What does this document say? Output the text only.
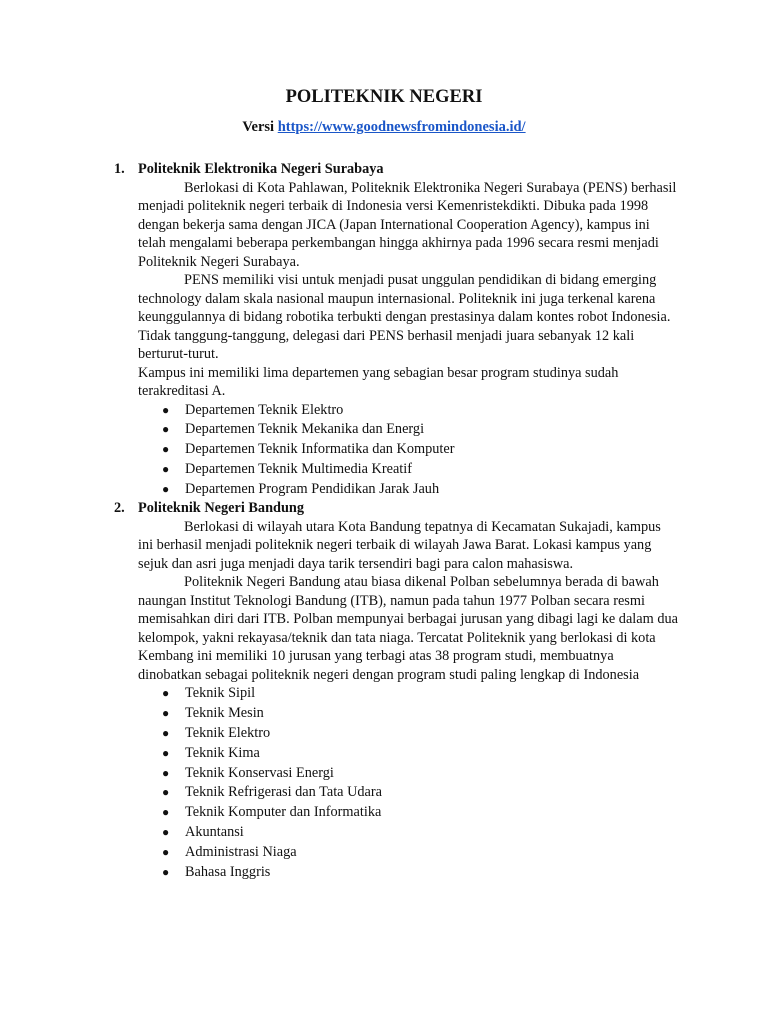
POLITEKNIK NEGERI
Versi https://www.goodnewsfromindonesia.id/
1. Politeknik Elektronika Negeri Surabaya

Berlokasi di Kota Pahlawan, Politeknik Elektronika Negeri Surabaya (PENS) berhasil menjadi politeknik negeri terbaik di Indonesia versi Kemenristekdikti. Dibuka pada 1998 dengan bekerja sama dengan JICA (Japan International Cooperation Agency), kampus ini telah mengalami beberapa perkembangan hingga akhirnya pada 1996 secara resmi menjadi Politeknik Negeri Surabaya.

PENS memiliki visi untuk menjadi pusat unggulan pendidikan di bidang emerging technology dalam skala nasional maupun internasional. Politeknik ini juga terkenal karena keunggulannya di bidang robotika terbukti dengan prestasinya dalam kontes robot Indonesia. Tidak tanggung-tanggung, delegasi dari PENS berhasil menjadi juara sebanyak 12 kali berturut-turut.

Kampus ini memiliki lima departemen yang sebagian besar program studinya sudah terakreditasi A.

● Departemen Teknik Elektro
● Departemen Teknik Mekanika dan Energi
● Departemen Teknik Informatika dan Komputer
● Departemen Teknik Multimedia Kreatif
● Departemen Program Pendidikan Jarak Jauh
2. Politeknik Negeri Bandung

Berlokasi di wilayah utara Kota Bandung tepatnya di Kecamatan Sukajadi, kampus ini berhasil menjadi politeknik negeri terbaik di wilayah Jawa Barat. Lokasi kampus yang sejuk dan asri juga menjadi daya tarik tersendiri bagi para calon mahasiswa.

Politeknik Negeri Bandung atau biasa dikenal Polban sebelumnya berada di bawah naungan Institut Teknologi Bandung (ITB), namun pada tahun 1977 Polban secara resmi memisahkan diri dari ITB. Polban mempunyai berbagai jurusan yang dibagi lagi ke dalam dua kelompok, yakni rekayasa/teknik dan tata niaga. Tercatat Politeknik yang berlokasi di kota Kembang ini memiliki 10 jurusan yang terbagi atas 38 program studi, membuatnya dinobatkan sebagai politeknik negeri dengan program studi paling lengkap di Indonesia

● Teknik Sipil
● Teknik Mesin
● Teknik Elektro
● Teknik Kima
● Teknik Konservasi Energi
● Teknik Refrigerasi dan Tata Udara
● Teknik Komputer dan Informatika
● Akuntansi
● Administrasi Niaga
● Bahasa Inggris
